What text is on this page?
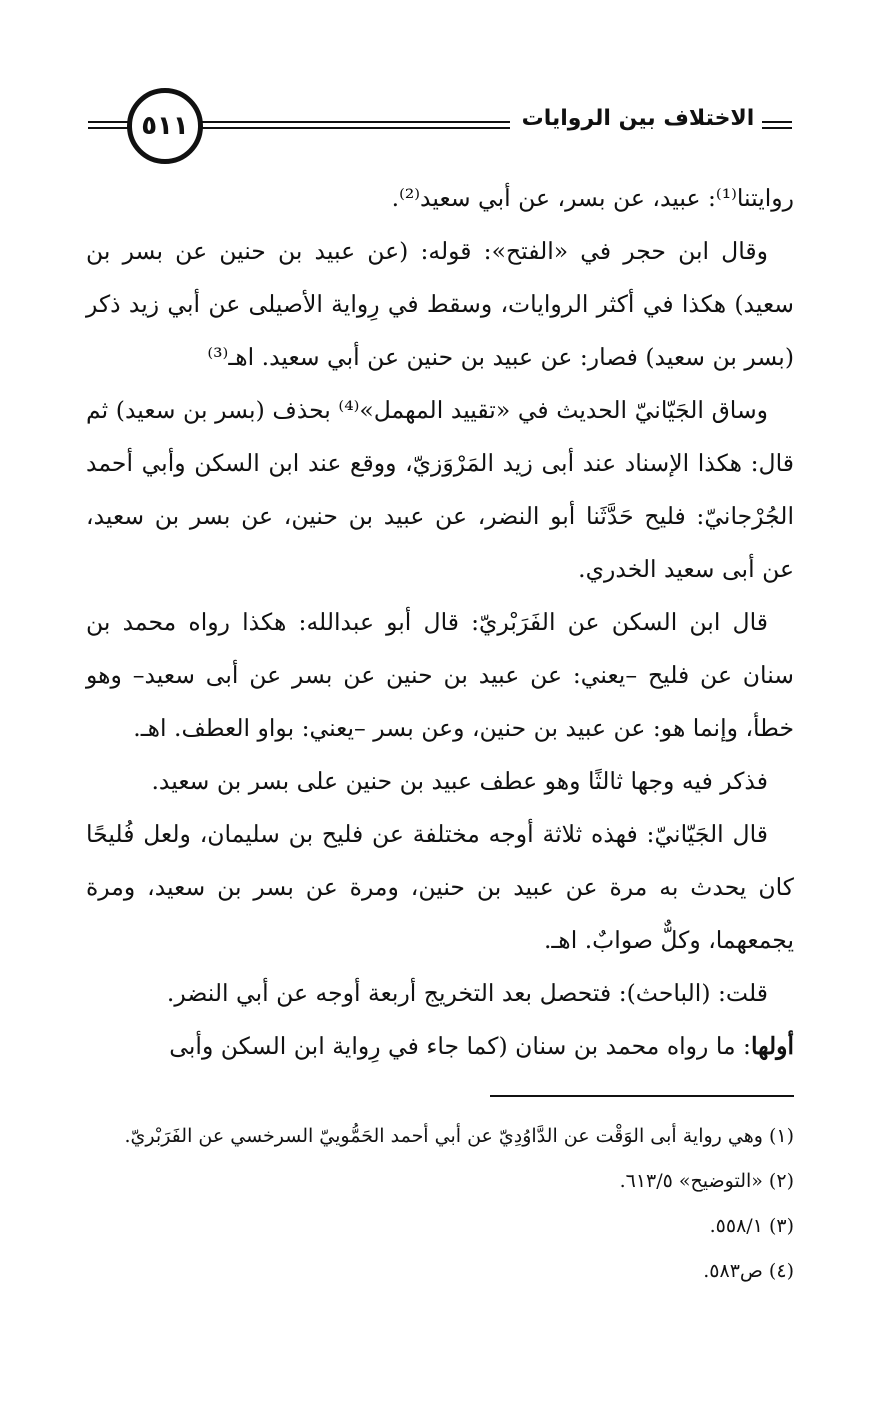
٥١١	الاختلاف بين الروايات

روايتنا⁽¹⁾: عبيد، عن بسر، عن أبي سعيد⁽²⁾.

وقال ابن حجر في «الفتح»: قوله: (عن عبيد بن حنين عن بسر بن سعيد) هكذا في أكثر الروايات، وسقط في رِواية الأصيلى عن أبي زيد ذكر (بسر بن سعيد) فصار: عن عبيد بن حنين عن أبي سعيد. اهـ⁽³⁾

وساق الجَيّانيّ الحديث في «تقييد المهمل»⁽⁴⁾ بحذف (بسر بن سعيد) ثم قال: هكذا الإسناد عند أبى زيد المَرْوَزيّ، ووقع عند ابن السكن وأبي أحمد الجُرْجانيّ: فليح حَدَّثَنا أبو النضر، عن عبيد بن حنين، عن بسر بن سعيد، عن أبى سعيد الخدري.

قال ابن السكن عن الفَرَبْريّ: قال أبو عبدالله: هكذا رواه محمد بن سنان عن فليح –يعني: عن عبيد بن حنين عن بسر عن أبى سعيد– وهو خطأ، وإنما هو: عن عبيد بن حنين، وعن بسر –يعني: بواو العطف. اهـ.

فذكر فيه وجها ثالثًا وهو عطف عبيد بن حنين على بسر بن سعيد.

قال الجَيّانيّ: فهذه ثلاثة أوجه مختلفة عن فليح بن سليمان، ولعل فُليحًا كان يحدث به مرة عن عبيد بن حنين، ومرة عن بسر بن سعيد، ومرة يجمعهما، وكلٌّ صوابٌ. اهـ.

قلت: (الباحث): فتحصل بعد التخريج أربعة أوجه عن أبي النضر.

أولها: ما رواه محمد بن سنان (كما جاء في رِواية ابن السكن وأبى

(١) وهي رواية أبى الوَقْت عن الدَّاوُدِيّ عن أبي أحمد الحَمُّوييّ السرخسي عن الفَرَبْريّ.

(٢) «التوضيح» ٦١٣/٥.

(٣) ٥٥٨/١.

(٤) ص٥٨٣.
